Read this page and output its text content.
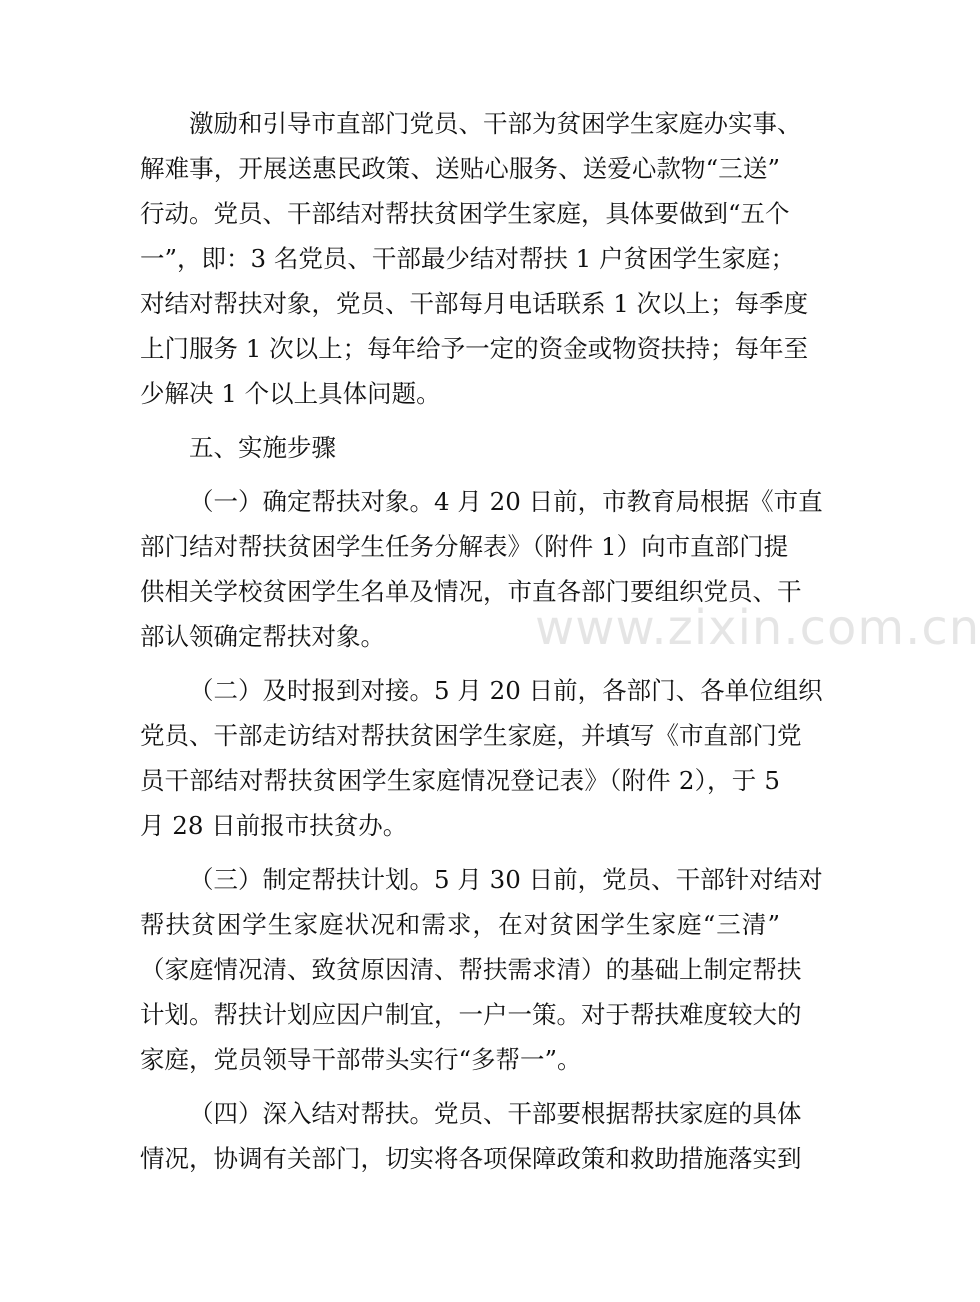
www.zixin.com.cn
激励和引导市直部门党员、干部为贫困学生家庭办实事、
解难事，开展送惠民政策、送贴心服务、送爱心款物“三送”
行动。党员、干部结对帮扶贫困学生家庭，具体要做到“五个
一”，即：3 名党员、干部最少结对帮扶 1 户贫困学生家庭；
对结对帮扶对象，党员、干部每月电话联系 1 次以上；每季度
上门服务 1 次以上；每年给予一定的资金或物资扶持；每年至
少解决 1 个以上具体问题。
五、实施步骤
（一）确定帮扶对象。4 月 20 日前，市教育局根据《市直
部门结对帮扶贫困学生任务分解表》（附件 1）向市直部门提
供相关学校贫困学生名单及情况，市直各部门要组织党员、干
部认领确定帮扶对象。
（二）及时报到对接。5 月 20 日前，各部门、各单位组织
党员、干部走访结对帮扶贫困学生家庭，并填写《市直部门党
员干部结对帮扶贫困学生家庭情况登记表》（附件 2），于 5
月 28 日前报市扶贫办。
（三）制定帮扶计划。5 月 30 日前，党员、干部针对结对
帮扶贫困学生家庭状况和需求，在对贫困学生家庭“三清”
（家庭情况清、致贫原因清、帮扶需求清）的基础上制定帮扶
计划。帮扶计划应因户制宜，一户一策。对于帮扶难度较大的
家庭，党员领导干部带头实行“多帮一”。
（四）深入结对帮扶。党员、干部要根据帮扶家庭的具体
情况，协调有关部门，切实将各项保障政策和救助措施落实到
